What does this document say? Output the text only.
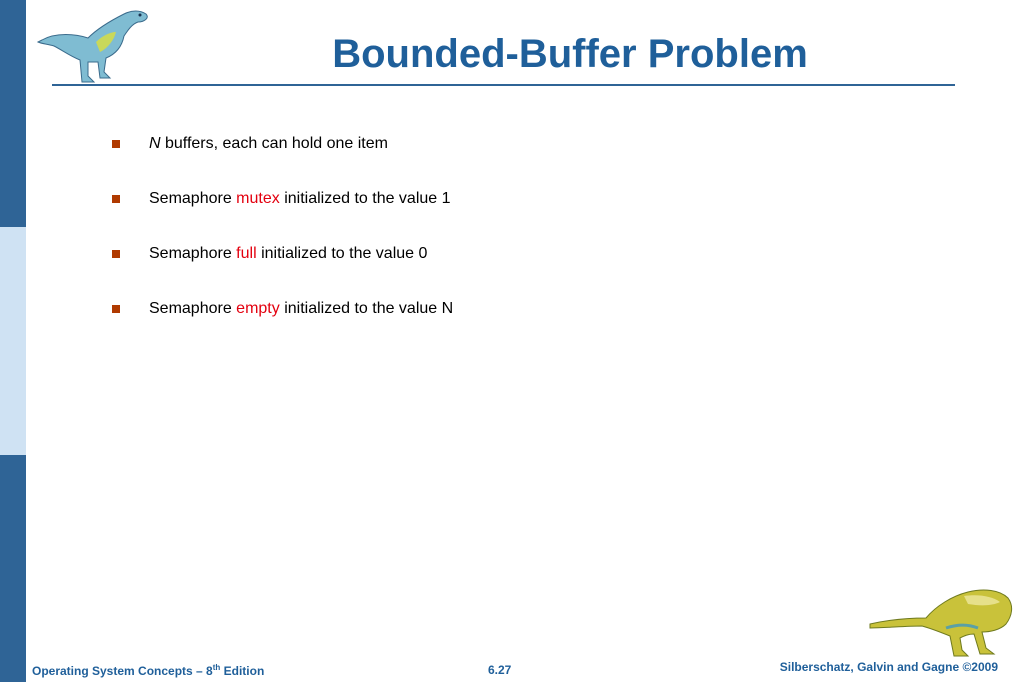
Bounded-Buffer Problem
N buffers, each can hold one item
Semaphore mutex initialized to the value 1
Semaphore full initialized to the value 0
Semaphore empty initialized to the value N
Operating System Concepts – 8th Edition	6.27	Silberschatz, Galvin and Gagne ©2009
